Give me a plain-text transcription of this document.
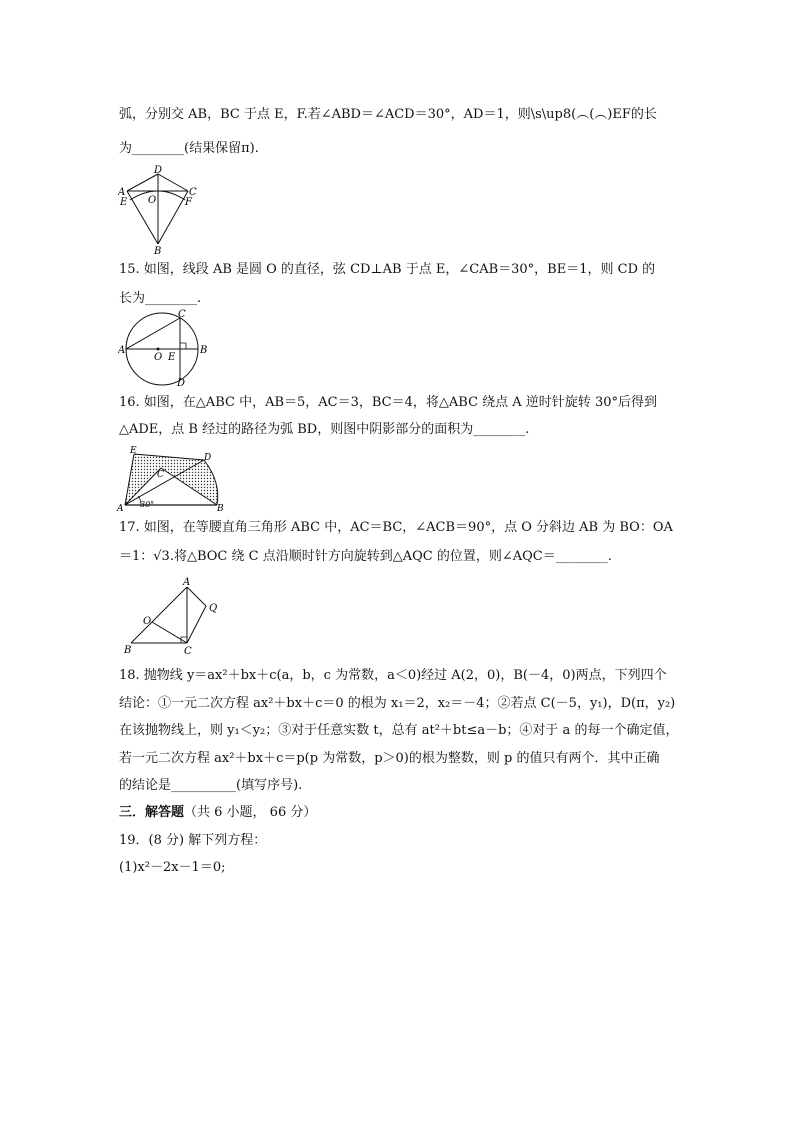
弧，分别交 AB，BC 于点 E，F.若∠ABD＝∠ACD＝30°，AD＝1，则\s\up8(︵(︵)EF的长
为________(结果保留π).
A
D
C
E O	F
B
15. 如图，线段 AB 是圆 O 的直径，弦 CD⊥AB 于点 E，∠CAB＝30°，BE＝1，则 CD 的
长为________.
A	B
C
D
E
O
16. 如图，在△ABC 中，AB＝5，AC＝3，BC＝4，将△ABC 绕点 A 逆时针旋转 30°后得到
△ADE，点 B 经过的路径为弧 BD，则图中阴影部分的面积为________.
E
D
C
A	B
30°
17. 如图，在等腰直角三角形 ABC 中，AC＝BC，∠ACB＝90°，点 O 分斜边 AB 为 BO：OA
＝1：√3.将△BOC 绕 C 点沿顺时针方向旋转到△AQC 的位置，则∠AQC＝________.
A
B	C
O
Q
18. 抛物线 y＝ax²＋bx＋c(a，b，c 为常数，a＜0)经过 A(2，0)，B(－4，0)两点，下列四个
结论：①一元二次方程 ax²＋bx＋c＝0 的根为 x₁＝2，x₂＝－4；②若点 C(－5，y₁)，D(π，y₂)
在该抛物线上，则 y₁＜y₂；③对于任意实数 t，总有 at²＋bt≤a－b；④对于 a 的每一个确定值，
若一元二次方程 ax²＋bx＋c＝p(p 为常数，p＞0)的根为整数，则 p 的值只有两个．其中正确
的结论是__________(填写序号).
三．解答题（共 6 小题， 66 分）
19．(8 分) 解下列方程：
(1)x²－2x－1＝0;
